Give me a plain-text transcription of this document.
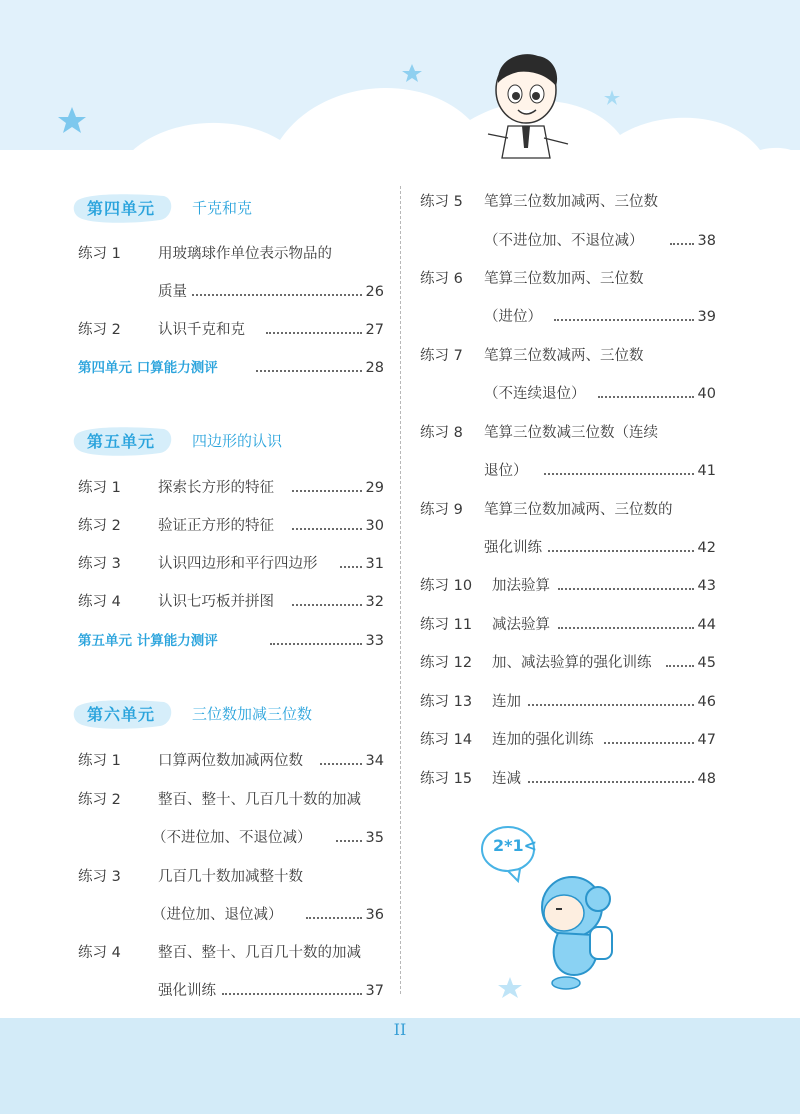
II
2*1<
第四单元 千克和克
练习 1	用玻璃球作单位表示物品的
质量	26
练习 2	认识千克和克	27
第四单元 口算能力测评	28
第五单元 四边形的认识
练习 1	探索长方形的特征	29
练习 2	验证正方形的特征	30
练习 3	认识四边形和平行四边形	31
练习 4	认识七巧板并拼图	32
第五单元 计算能力测评	33
第六单元 三位数加减三位数
练习 1	口算两位数加减两位数	34
练习 2	整百、整十、几百几十数的加减
（不进位加、不退位减）	35
练习 3	几百几十数加减整十数
（进位加、退位减）	36
练习 4	整百、整十、几百几十数的加减
强化训练	37
练习 5 笔算三位数加减两、三位数
（不进位加、不退位减）	38
练习 6 笔算三位数加两、三位数
（进位）	39
练习 7 笔算三位数减两、三位数
（不连续退位）	40
练习 8 笔算三位数减三位数（连续
退位）	41
练习 9 笔算三位数加减两、三位数的
强化训练	42
练习 10 加法验算	43
练习 11 减法验算	44
练习 12 加、减法验算的强化训练	45
练习 13 连加	46
练习 14 连加的强化训练	47
练习 15 连减	48
